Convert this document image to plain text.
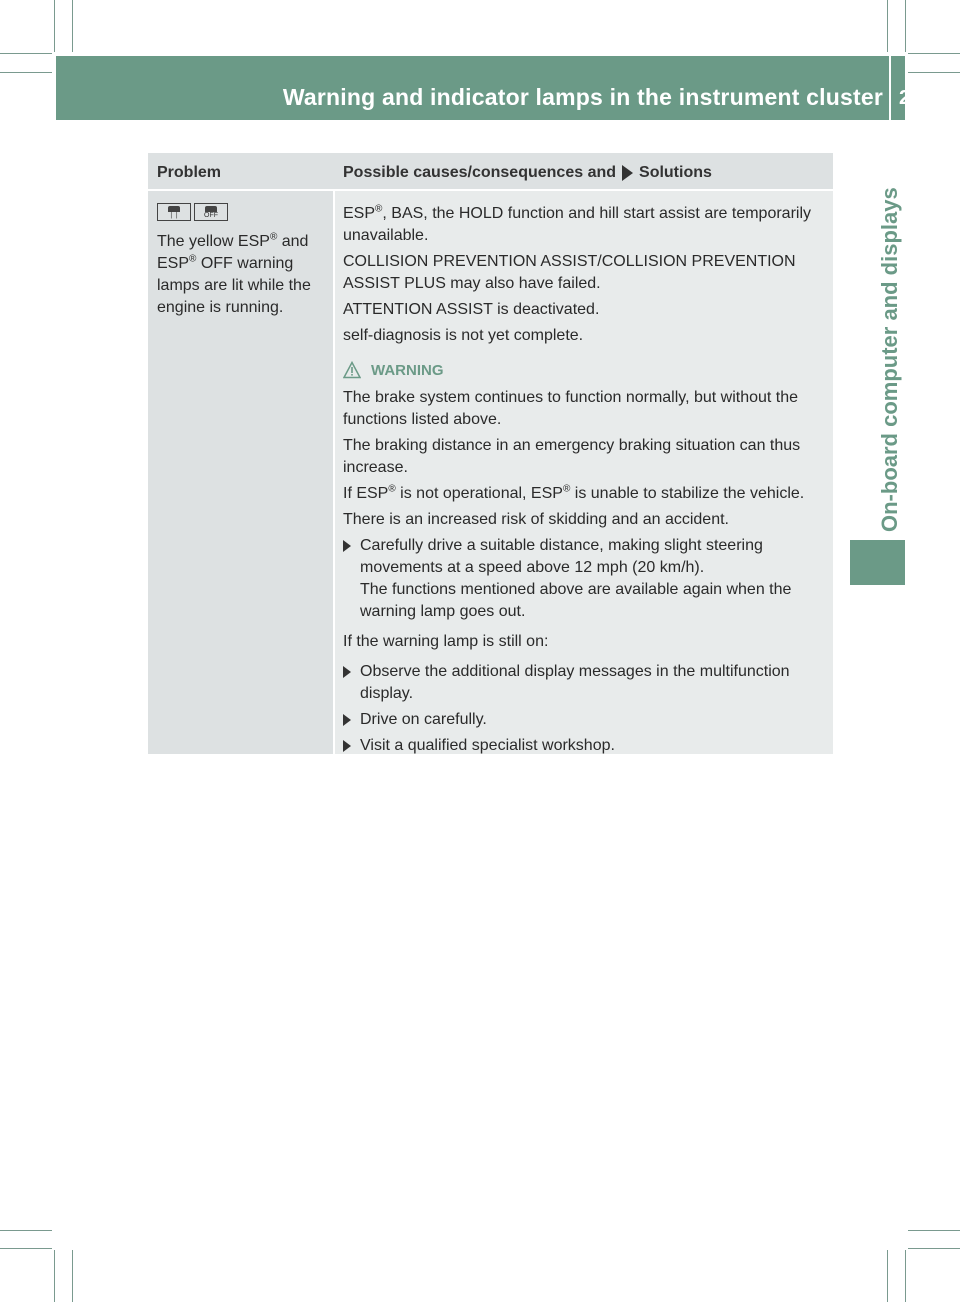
Warning and indicator lamps in the instrument cluster 243
On-board computer and displays
Problem	Possible causes/consequences and Solutions
∣ ∣	OFF

The yellow ESP® and
ESP® OFF warning
lamps are lit while the
engine is running.

ESP®, BAS, the HOLD function and hill start assist are temporarily unavailable.

COLLISION PREVENTION ASSIST/COLLISION PREVENTION ASSIST PLUS may also have failed.

ATTENTION ASSIST is deactivated.

self-diagnosis is not yet complete.

WARNING

The brake system continues to function normally, but without the functions listed above.

The braking distance in an emergency braking situation can thus increase.

If ESP® is not operational, ESP® is unable to stabilize the vehicle.

There is an increased risk of skidding and an accident.

Carefully drive a suitable distance, making slight steering movements at a speed above 12 mph (20 km/h).
The functions mentioned above are available again when the warning lamp goes out.

If the warning lamp is still on:

Observe the additional display messages in the multifunction display.
Drive on carefully.
Visit a qualified specialist workshop.
